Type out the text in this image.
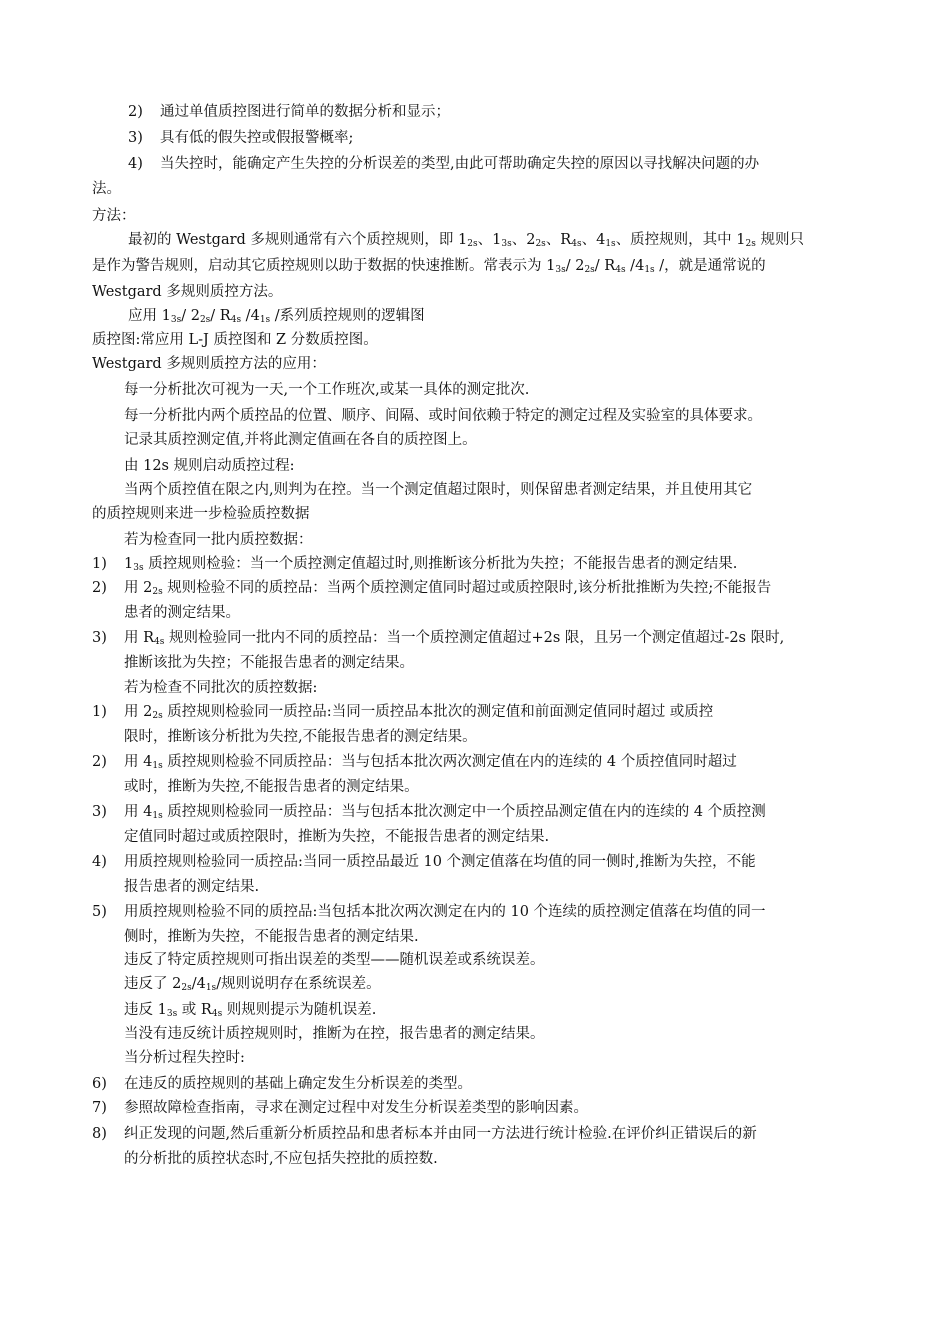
2) 通过单值质控图进行简单的数据分析和显示；
3) 具有低的假失控或假报警概率;
4) 当失控时，能确定产生失控的分析误差的类型,由此可帮助确定失控的原因以寻找解决问题的办
法。
方法：
最初的 Westgard 多规则通常有六个质控规则，即 $1_{2s}$、$1_{3s}$、$2_{2s}$、$R_{4s}$、$4_{1s}$、质控规则，其中 $1_{2s}$ 规则只
是作为警告规则，启动其它质控规则以助于数据的快速推断。常表示为 $1_{3s}/$ $2_{2s}/$ $R_{4s}$ $/4_{1s}$ /，就是通常说的
Westgard 多规则质控方法。
应用 $1_{3s}/$ $2_{2s}/$ $R_{4s}$ $/4_{1s}$ /系列质控规则的逻辑图
质控图:常应用 L-J 质控图和 Z 分数质控图。
Westgard 多规则质控方法的应用：
每一分析批次可视为一天,一个工作班次,或某一具体的测定批次.
每一分析批内两个质控品的位置、顺序、间隔、或时间依赖于特定的测定过程及实验室的具体要求。
记录其质控测定值,并将此测定值画在各自的质控图上。
由 12s 规则启动质控过程:
当两个质控值在限之内,则判为在控。当一个测定值超过限时，则保留患者测定结果，并且使用其它
的质控规则来进一步检验质控数据
若为检查同一批内质控数据：
1) $1_{3s}$ 质控规则检验：当一个质控测定值超过时,则推断该分析批为失控；不能报告患者的测定结果.
2) 用 $2_{2s}$ 规则检验不同的质控品：当两个质控测定值同时超过或质控限时,该分析批推断为失控;不能报告
患者的测定结果。
3) 用 $R_{4s}$ 规则检验同一批内不同的质控品：当一个质控测定值超过+2s 限，且另一个测定值超过-2s 限时,
推断该批为失控；不能报告患者的测定结果。
若为检查不同批次的质控数据:
1) 用 $2_{2s}$ 质控规则检验同一质控品:当同一质控品本批次的测定值和前面测定值同时超过 或质控
限时，推断该分析批为失控,不能报告患者的测定结果。
2) 用 $4_{1s}$ 质控规则检验不同质控品：当与包括本批次两次测定值在内的连续的 4 个质控值同时超过
或时，推断为失控,不能报告患者的测定结果。
3) 用 $4_{1s}$ 质控规则检验同一质控品：当与包括本批次测定中一个质控品测定值在内的连续的 4 个质控测
定值同时超过或质控限时，推断为失控，不能报告患者的测定结果.
4) 用质控规则检验同一质控品:当同一质控品最近 10 个测定值落在均值的同一侧时,推断为失控，不能
报告患者的测定结果.
5) 用质控规则检验不同的质控品:当包括本批次两次测定在内的 10 个连续的质控测定值落在均值的同一
侧时，推断为失控，不能报告患者的测定结果.
违反了特定质控规则可指出误差的类型——随机误差或系统误差。
违反了 $2_{2s}/4_{1s}/$规则说明存在系统误差。
违反 $1_{3s}$ 或 $R_{4s}$ 则规则提示为随机误差.
当没有违反统计质控规则时，推断为在控，报告患者的测定结果。
当分析过程失控时:
6) 在违反的质控规则的基础上确定发生分析误差的类型。
7) 参照故障检查指南，寻求在测定过程中对发生分析误差类型的影响因素。
8) 纠正发现的问题,然后重新分析质控品和患者标本并由同一方法进行统计检验.在评价纠正错误后的新
的分析批的质控状态时,不应包括失控批的质控数.
